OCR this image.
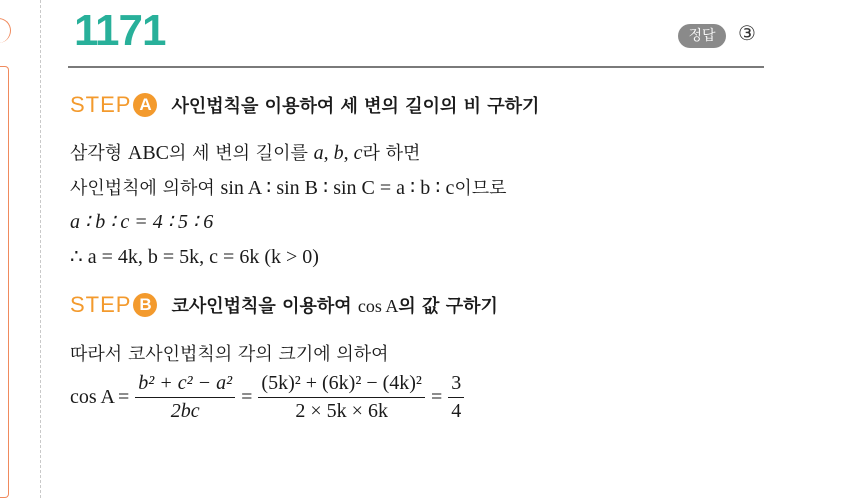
1171	정답	③
STEP A	사인법칙을 이용하여 세 변의 길이의 비 구하기
삼각형 ABC의 세 변의 길이를 a, b, c라 하면
사인법칙에 의하여 sin A ∶ sin B ∶ sin C = a ∶ b ∶ c이므로
a ∶ b ∶ c = 4 ∶ 5 ∶ 6
∴ a = 4k, b = 5k, c = 6k (k > 0)
STEP B	코사인법칙을 이용하여 cos A의 값 구하기
따라서 코사인법칙의 각의 크기에 의하여
$\cos A = \frac{\text{b² + c² − a²}}{2bc} = \frac{\text{(5k)² + (6k)² − (4k)²}}{2 \times 5k \times 6k} = \frac{3}{4}$
